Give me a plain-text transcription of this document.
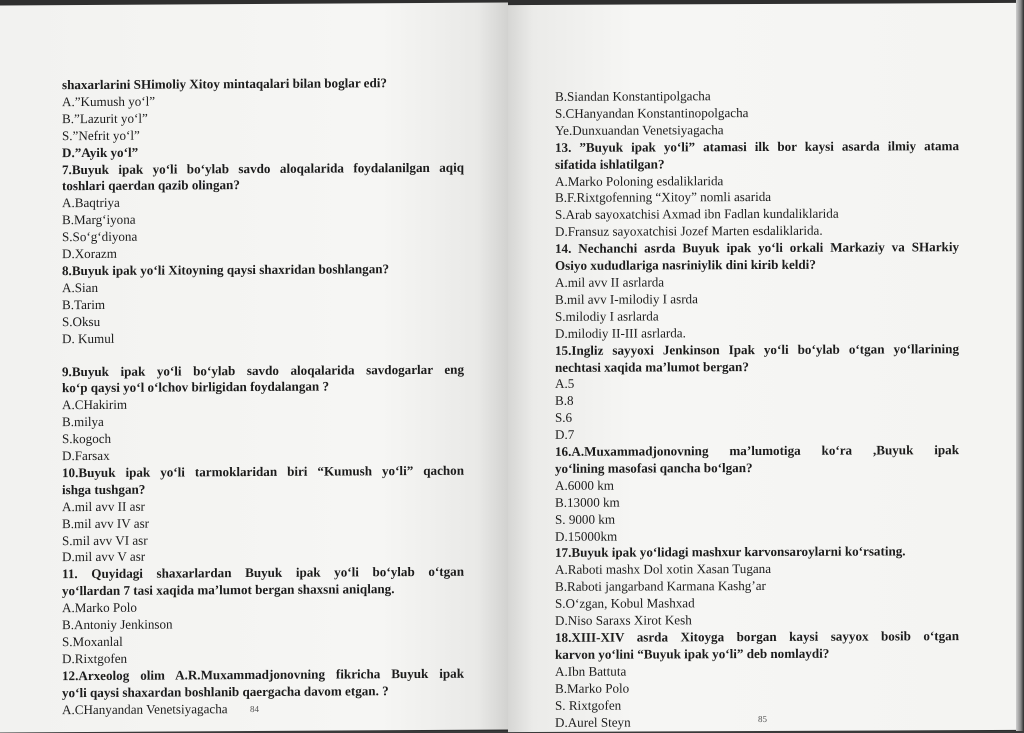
shaxarlarini SHimoliy Xitoy mintaqalari bilan boglar edi?
A.”Kumush yo‘l”
B.”Lazurit yo‘l”
S.”Nefrit yo‘l”
D.”Ayik yo‘l”
7.Buyuk ipak yo‘li bo‘ylab savdo aloqalarida foydalanilgan aqiq
toshlari qaerdan qazib olingan?
A.Baqtriya
B.Marg‘iyona
S.So‘g‘diyona
D.Xorazm
8.Buyuk ipak yo‘li Xitoyning qaysi shaxridan boshlangan?
A.Sian
B.Tarim
S.Oksu
D. Kumul
9.Buyuk ipak yo‘li bo‘ylab savdo aloqalarida savdogarlar eng
ko‘p qaysi yo‘l o‘lchov birligidan foydalangan ?
A.CHakirim
B.milya
S.kogoch
D.Farsax
10.Buyuk ipak yo‘li tarmoklaridan biri “Kumush yo‘li” qachon
ishga tushgan?
A.mil avv II asr
B.mil avv IV asr
S.mil avv VI asr
D.mil avv V asr
11. Quyidagi shaxarlardan Buyuk ipak yo‘li bo‘ylab o‘tgan
yo‘llardan 7 tasi xaqida ma’lumot bergan shaxsni aniqlang.
A.Marko Polo
B.Antoniy Jenkinson
S.Moxanlal
D.Rixtgofen
12.Arxeolog olim A.R.Muxammadjonovning fikricha Buyuk ipak
yo‘li qaysi shaxardan boshlanib qaergacha davom etgan. ?
A.CHanyandan Venetsiyagacha	84
B.Siandan Konstantipolgacha
S.CHanyandan Konstantinopolgacha
Ye.Dunxuandan Venetsiyagacha
13. ”Buyuk ipak yo‘li” atamasi ilk bor kaysi asarda ilmiy atama
sifatida ishlatilgan?
A.Marko Poloning esdaliklarida
B.F.Rixtgofenning “Xitoy” nomli asarida
S.Arab sayoxatchisi Axmad ibn Fadlan kundaliklarida
D.Fransuz sayoxatchisi Jozef Marten esdaliklarida.
14. Nechanchi asrda Buyuk ipak yo‘li orkali Markaziy va SHarkiy
Osiyo xududlariga nasriniylik dini kirib keldi?
A.mil avv II asrlarda
B.mil avv I-milodiy I asrda
S.milodiy I asrlarda
D.milodiy II-III asrlarda.
15.Ingliz sayyoxi Jenkinson Ipak yo‘li bo‘ylab o‘tgan yo‘llarining
nechtasi xaqida ma’lumot bergan?
A.5
B.8
S.6
D.7
16.A.Muxammadjonovning ma’lumotiga ko‘ra ,Buyuk ipak
yo‘lining masofasi qancha bo‘lgan?
A.6000 km
B.13000 km
S. 9000 km
D.15000km
17.Buyuk ipak yo‘lidagi mashxur karvonsaroylarni ko‘rsating.
A.Raboti mashx Dol xotin Xasan Tugana
B.Raboti jangarband Karmana Kashg’ar
S.O‘zgan, Kobul Mashxad
D.Niso Saraxs Xirot Kesh
18.XIII-XIV asrda Xitoyga borgan kaysi sayyox bosib o‘tgan
karvon yo‘lini “Buyuk ipak yo‘li” deb nomlaydi?
A.Ibn Battuta
B.Marko Polo
S. Rixtgofen
D.Aurel Steyn	85
